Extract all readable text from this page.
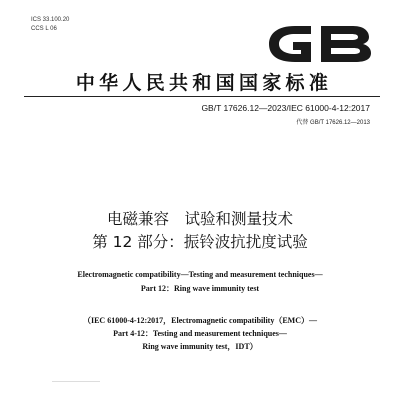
ICS 33.100.20
CCS L 06
中华人民共和国国家标准
GB/T 17626.12—2023/IEC 61000-4-12:2017
代替 GB/T 17626.12—2013
电磁兼容　试验和测量技术
第 12 部分：振铃波抗扰度试验
Electromagnetic compatibility—Testing and measurement techniques—
Part 12：Ring wave immunity test
（IEC 61000-4-12:2017，Electromagnetic compatibility（EMC）—
Part 4-12：Testing and measurement techniques—
Ring wave immunity test，IDT）
